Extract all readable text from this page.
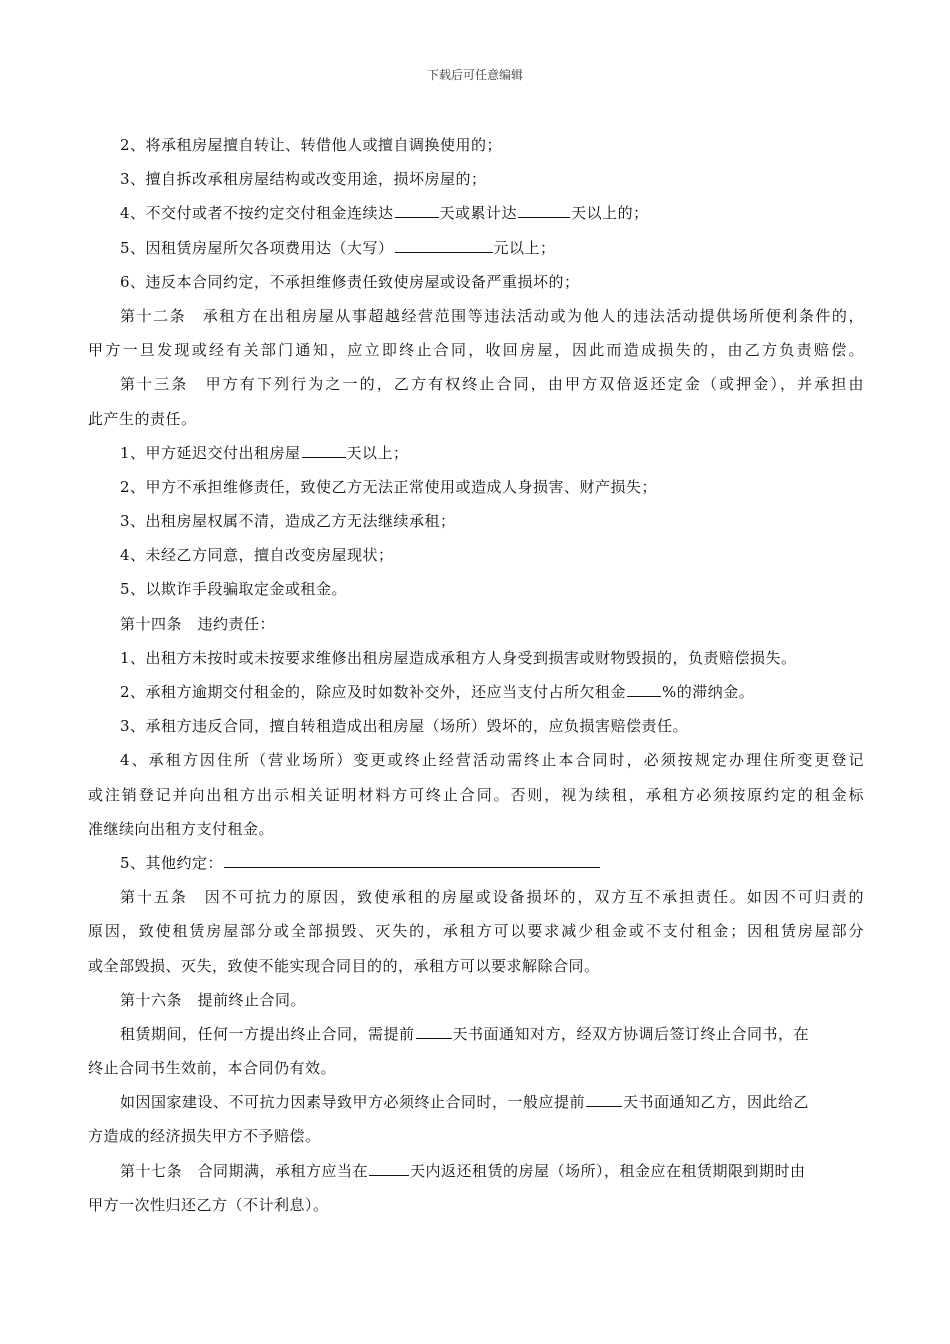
下载后可任意编辑
2、将承租房屋擅自转让、转借他人或擅自调换使用的；
3、擅自拆改承租房屋结构或改变用途，损坏房屋的；
4、不交付或者不按约定交付租金连续达	天或累计达	天以上的；
5、因租赁房屋所欠各项费用达（大写）	元以上；
6、违反本合同约定，不承担维修责任致使房屋或设备严重损坏的；
第十二条　承租方在出租房屋从事超越经营范围等违法活动或为他人的违法活动提供场所便利条件的，
甲方一旦发现或经有关部门通知，应立即终止合同，收回房屋，因此而造成损失的，由乙方负责赔偿。
第十三条　甲方有下列行为之一的，乙方有权终止合同，由甲方双倍返还定金（或押金），并承担由
此产生的责任。
1、甲方延迟交付出租房屋	天以上；
2、甲方不承担维修责任，致使乙方无法正常使用或造成人身损害、财产损失；
3、出租房屋权属不清，造成乙方无法继续承租；
4、未经乙方同意，擅自改变房屋现状；
5、以欺诈手段骗取定金或租金。
第十四条　违约责任：
1、出租方未按时或未按要求维修出租房屋造成承租方人身受到损害或财物毁损的，负责赔偿损失。
2、承租方逾期交付租金的，除应及时如数补交外，还应当支付占所欠租金 %的滞纳金。
3、承租方违反合同，擅自转租造成出租房屋（场所）毁坏的，应负损害赔偿责任。
4、承租方因住所（营业场所）变更或终止经营活动需终止本合同时，必须按规定办理住所变更登记
或注销登记并向出租方出示相关证明材料方可终止合同。否则，视为续租，承租方必须按原约定的租金标
准继续向出租方支付租金。
5、其他约定：
第十五条　因不可抗力的原因，致使承租的房屋或设备损坏的，双方互不承担责任。如因不可归责的
原因，致使租赁房屋部分或全部损毁、灭失的，承租方可以要求减少租金或不支付租金；因租赁房屋部分
或全部毁损、灭失，致使不能实现合同目的的，承租方可以要求解除合同。
第十六条　提前终止合同。
租赁期间，任何一方提出终止合同，需提前	天书面通知对方，经双方协调后签订终止合同书，在
终止合同书生效前，本合同仍有效。
如因国家建设、不可抗力因素导致甲方必须终止合同时，一般应提前	天书面通知乙方，因此给乙
方造成的经济损失甲方不予赔偿。
第十七条　合同期满，承租方应当在	天内返还租赁的房屋（场所），租金应在租赁期限到期时由
甲方一次性归还乙方（不计利息）。
